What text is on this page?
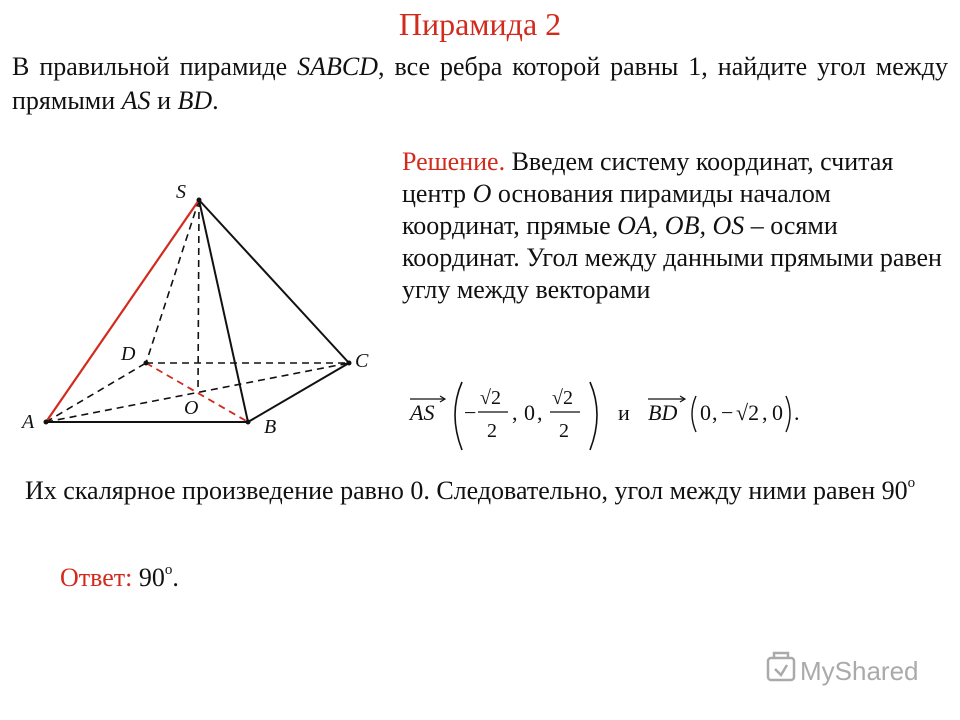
Пирамида 2
В правильной пирамиде SABCD, все ребра которой равны 1, найдите угол между прямыми AS и BD.
Решение. Введем систему координат, считая центр O основания пирамиды началом координат, прямые OA, OB, OS – осями координат. Угол между данными прямыми равен углу между векторами
AS −
√2
2
, 0 ,
√2
2
и BD 0 , − √2 , 0 .
S
A	B
C
D
O
Их скалярное произведение равно 0. Следовательно, угол между ними равен 90$^o$
Ответ: 90$^o$.
MyShared
